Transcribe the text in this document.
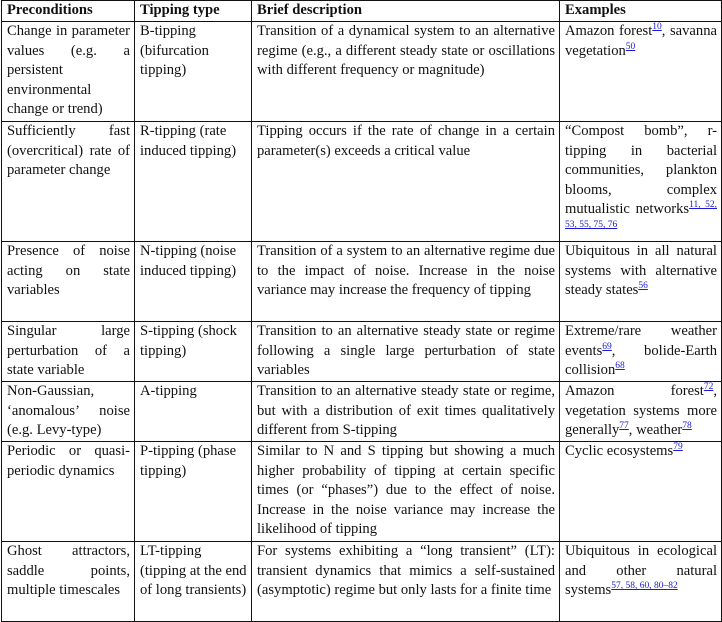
Preconditions	Tipping type	Brief description	Examples
Change in parameter values (e.g. a persistent environmental change or trend)	B-tipping (bifurcation tipping)	Transition of a dynamical system to an alternative regime (e.g., a different steady state or oscillations with different frequency or magnitude)	Amazon forest$^{10}$, savanna vegetation$^{50}$
Sufficiently fast (overcritical) rate of parameter change	R-tipping (rate induced tipping)	Tipping occurs if the rate of change in a certain parameter(s) exceeds a critical value	“Compost bomb”, r-tipping in bacterial communities, plankton blooms, complex mutualistic networks$^{11, 52, 53, 55, 75, 76}$
Presence of noise acting on state variables	N-tipping (noise induced tipping)	Transition of a system to an alternative regime due to the impact of noise. Increase in the noise variance may increase the frequency of tipping	Ubiquitous in all natural systems with alternative steady states$^{56}$
Singular large perturbation of a state variable	S-tipping (shock tipping)	Transition to an alternative steady state or regime following a single large perturbation of state variables	Extreme/rare weather events$^{69}$, bolide-Earth collision$^{68}$
Non-Gaussian, ‘anomalous’ noise (e.g. Levy-type)	A-tipping	Transition to an alternative steady state or regime, but with a distribution of exit times qualitatively different from S-tipping	Amazon forest$^{72}$, vegetation systems more generally$^{77}$, weather$^{78}$
Periodic or quasi-periodic dynamics	P-tipping (phase tipping)	Similar to N and S tipping but showing a much higher probability of tipping at certain specific times (or “phases”) due to the effect of noise. Increase in the noise variance may increase the likelihood of tipping	Cyclic ecosystems$^{79}$
Ghost attractors, saddle points, multiple timescales	LT-tipping (tipping at the end of long transients)	For systems exhibiting a “long transient” (LT): transient dynamics that mimics a self-sustained (asymptotic) regime but only lasts for a finite time	Ubiquitous in ecological and other natural systems$^{57, 58, 60, 80-82}$
